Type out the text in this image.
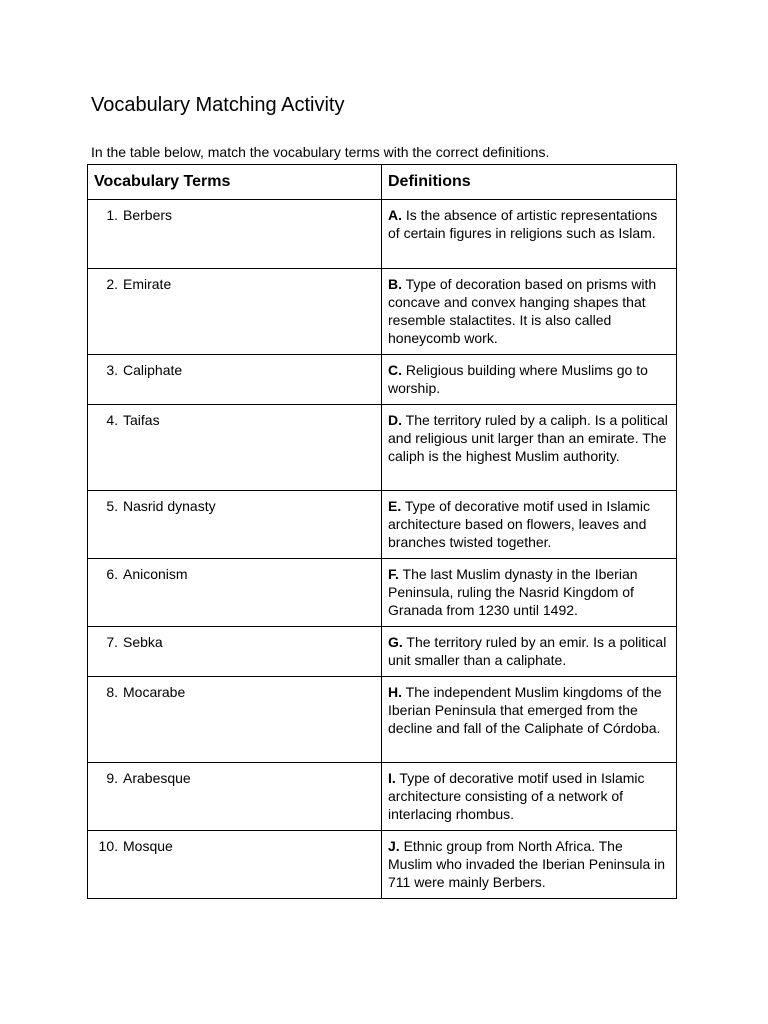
Vocabulary Matching Activity

In the table below, match the vocabulary terms with the correct definitions.

Vocabulary Terms	Definitions
1. Berbers	A. Is the absence of artistic representations of certain figures in religions such as Islam.
2. Emirate	B. Type of decoration based on prisms with concave and convex hanging shapes that resemble stalactites. It is also called honeycomb work.
3. Caliphate	C. Religious building where Muslims go to worship.
4. Taifas	D. The territory ruled by a caliph. Is a political and religious unit larger than an emirate. The caliph is the highest Muslim authority.
5. Nasrid dynasty	E. Type of decorative motif used in Islamic architecture based on flowers, leaves and branches twisted together.
6. Aniconism	F. The last Muslim dynasty in the Iberian Peninsula, ruling the Nasrid Kingdom of Granada from 1230 until 1492.
7. Sebka	G. The territory ruled by an emir. Is a political unit smaller than a caliphate.
8. Mocarabe	H. The independent Muslim kingdoms of the Iberian Peninsula that emerged from the decline and fall of the Caliphate of Córdoba.
9. Arabesque	I. Type of decorative motif used in Islamic architecture consisting of a network of interlacing rhombus.
10. Mosque	J. Ethnic group from North Africa. The Muslim who invaded the Iberian Peninsula in 711 were mainly Berbers.
